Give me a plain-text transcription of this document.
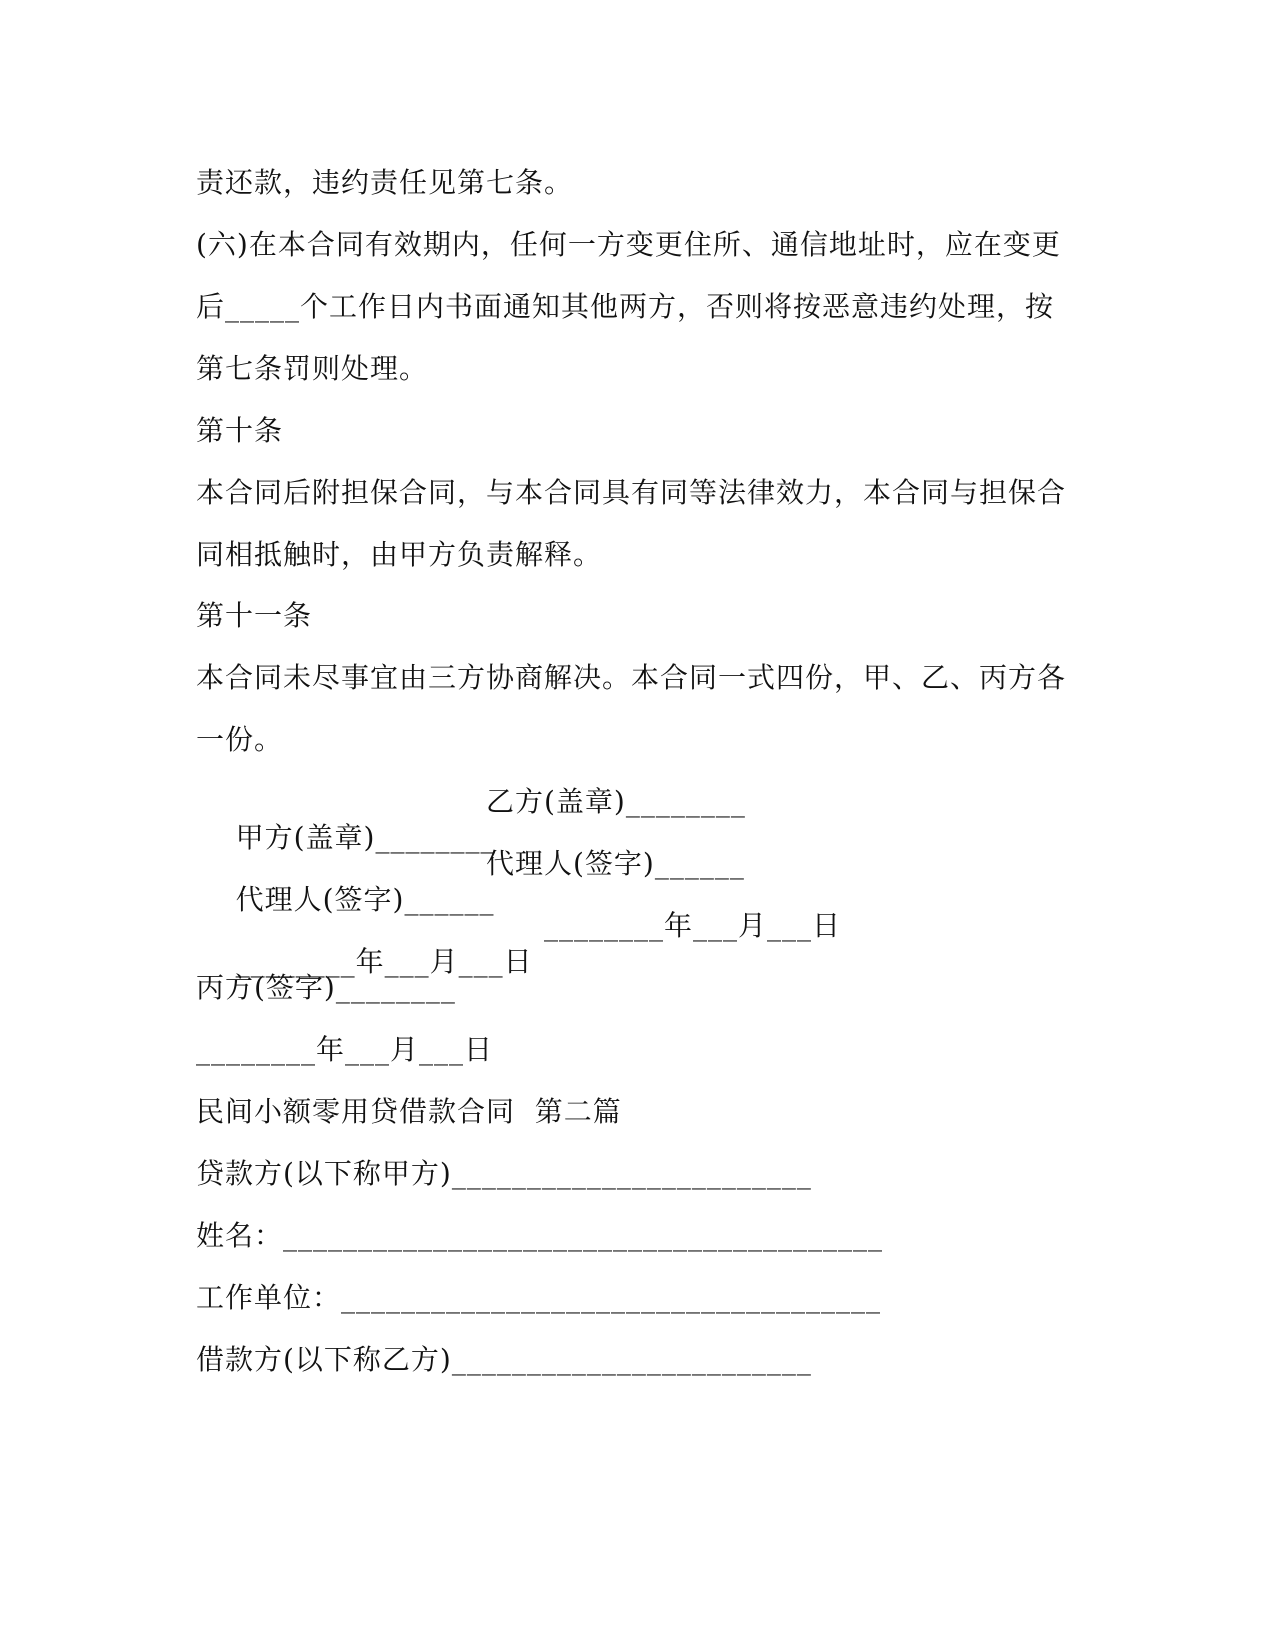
责还款，违约责任见第七条。
(六)在本合同有效期内，任何一方变更住所、通信地址时，应在变更
后_____个工作日内书面通知其他两方，否则将按恶意违约处理，按
第七条罚则处理。
第十条
本合同后附担保合同，与本合同具有同等法律效力，本合同与担保合
同相抵触时，由甲方负责解释。
第十一条
本合同未尽事宜由三方协商解决。本合同一式四份，甲、乙、丙方各
一份。

甲方(盖章)________

乙方(盖章)________

代理人(签字)______

代理人(签字)______

________年___月___日

________年___月___日

丙方(签字)________
________年___月___日
民间小额零用贷借款合同  第二篇
贷款方(以下称甲方)________________________
姓名：________________________________________
工作单位：____________________________________
借款方(以下称乙方)________________________
